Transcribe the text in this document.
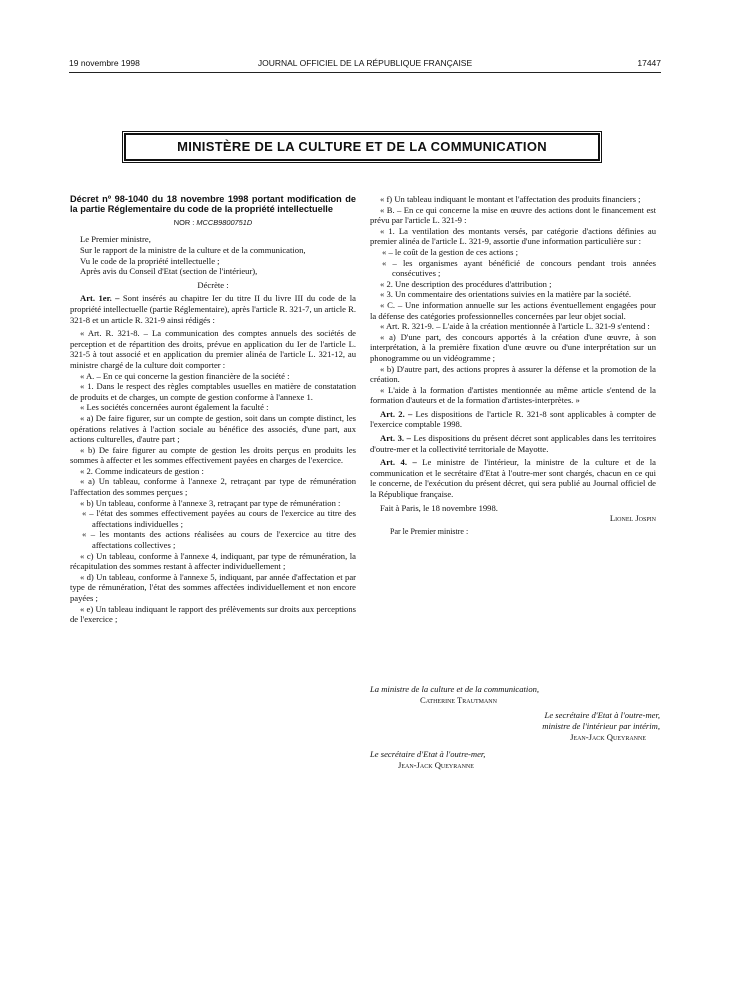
19 novembre 1998	JOURNAL OFFICIEL DE LA RÉPUBLIQUE FRANÇAISE	17447
MINISTÈRE DE LA CULTURE ET DE LA COMMUNICATION

Décret nº 98-1040 du 18 novembre 1998 portant modification de la partie Réglementaire du code de la propriété intellectuelle

NOR : MCCB9800751D

Le Premier ministre,

Sur le rapport de la ministre de la culture et de la communication,

Vu le code de la propriété intellectuelle ;

Après avis du Conseil d'Etat (section de l'intérieur),

Décrète :

Art. 1er. – Sont insérés au chapitre Ier du titre II du livre III du code de la propriété intellectuelle (partie Réglementaire), après l'article R. 321-7, un article R. 321-8 et un article R. 321-9 ainsi rédigés :

« Art. R. 321-8. – La communication des comptes annuels des sociétés de perception et de répartition des droits, prévue en application du Ier de l'article L. 321-5 à tout associé et en application du premier alinéa de l'article L. 321-12, au ministre chargé de la culture doit comporter :

« A. – En ce qui concerne la gestion financière de la société :

« 1. Dans le respect des règles comptables usuelles en matière de constatation de produits et de charges, un compte de gestion conforme à l'annexe 1.

« Les sociétés concernées auront également la faculté :

« a) De faire figurer, sur un compte de gestion, soit dans un compte distinct, les opérations relatives à l'action sociale au bénéfice des associés, d'une part, aux actions culturelles, d'autre part ;

« b) De faire figurer au compte de gestion les droits perçus en produits les sommes à affecter et les sommes effectivement payées en charges de l'exercice.

« 2. Comme indicateurs de gestion :

« a) Un tableau, conforme à l'annexe 2, retraçant par type de rémunération l'affectation des sommes perçues ;

« b) Un tableau, conforme à l'annexe 3, retraçant par type de rémunération :

« – l'état des sommes effectivement payées au cours de l'exercice au titre des affectations individuelles ;

« – les montants des actions réalisées au cours de l'exercice au titre des affectations collectives ;

« c) Un tableau, conforme à l'annexe 4, indiquant, par type de rémunération, la récapitulation des sommes restant à affecter individuellement ;

« d) Un tableau, conforme à l'annexe 5, indiquant, par année d'affectation et par type de rémunération, l'état des sommes affectées individuellement et non encore payées ;

« e) Un tableau indiquant le rapport des prélèvements sur droits aux perceptions de l'exercice ;

« f) Un tableau indiquant le montant et l'affectation des produits financiers ;

« B. – En ce qui concerne la mise en œuvre des actions dont le financement est prévu par l'article L. 321-9 :

« 1. La ventilation des montants versés, par catégorie d'actions définies au premier alinéa de l'article L. 321-9, assortie d'une information particulière sur :

« – le coût de la gestion de ces actions ;

« – les organismes ayant bénéficié de concours pendant trois années consécutives ;

« 2. Une description des procédures d'attribution ;

« 3. Un commentaire des orientations suivies en la matière par la société.

« C. – Une information annuelle sur les actions éventuellement engagées pour la défense des catégories professionnelles concernées par leur objet social.

« Art. R. 321-9. – L'aide à la création mentionnée à l'article L. 321-9 s'entend :

« a) D'une part, des concours apportés à la création d'une œuvre, à son interprétation, à la première fixation d'une œuvre ou d'une interprétation sur un phonogramme ou un vidéogramme ;

« b) D'autre part, des actions propres à assurer la défense et la promotion de la création.

« L'aide à la formation d'artistes mentionnée au même article s'entend de la formation d'auteurs et de la formation d'artistes-interprètes. »

Art. 2. – Les dispositions de l'article R. 321-8 sont applicables à compter de l'exercice comptable 1998.

Art. 3. – Les dispositions du présent décret sont applicables dans les territoires d'outre-mer et la collectivité territoriale de Mayotte.

Art. 4. – Le ministre de l'intérieur, la ministre de la culture et de la communication et le secrétaire d'Etat à l'outre-mer sont chargés, chacun en ce qui le concerne, de l'exécution du présent décret, qui sera publié au Journal officiel de la République française.

Fait à Paris, le 18 novembre 1998.

Lionel Jospin

Par le Premier ministre :

La ministre de la culture et de la communication,
Catherine Trautmann
Le secrétaire d'Etat à l'outre-mer,
ministre de l'intérieur par intérim,
Jean-Jack Queyranne
Le secrétaire d'Etat à l'outre-mer,
Jean-Jack Queyranne
